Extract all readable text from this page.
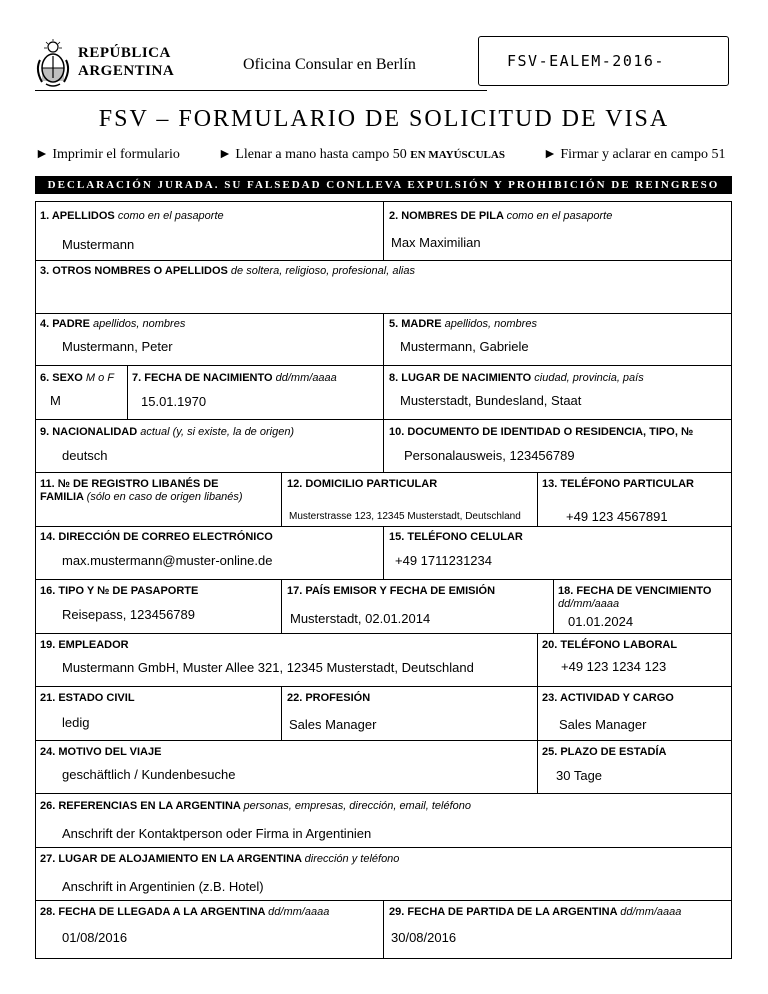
REPÚBLICA
ARGENTINA	Oficina Consular en Berlín	FSV-EALEM-2016-
FSV – FORMULARIO DE SOLICITUD DE VISA
► Imprimir el formulario	► Llenar a mano hasta campo 50 EN MAYÚSCULAS	► Firmar y aclarar en campo 51
DECLARACIÓN JURADA. SU FALSEDAD CONLLEVA EXPULSIÓN Y PROHIBICIÓN DE REINGRESO
1. APELLIDOS como en el pasaporte
Mustermann
2. NOMBRES DE PILA como en el pasaporte
Max Maximilian
3. OTROS NOMBRES O APELLIDOS de soltera, religioso, profesional, alias
4. PADRE apellidos, nombres
Mustermann, Peter
5. MADRE apellidos, nombres
Mustermann, Gabriele
6. SEXO M o F
M
7. FECHA DE NACIMIENTO dd/mm/aaaa
15.01.1970
8. LUGAR DE NACIMIENTO ciudad, provincia, país
Musterstadt, Bundesland, Staat
9. NACIONALIDAD actual (y, si existe, la de origen)
deutsch
10. DOCUMENTO DE IDENTIDAD O RESIDENCIA, TIPO, №
Personalausweis, 123456789
11. № DE REGISTRO LIBANÉS DE
FAMILIA (sólo en caso de origen libanés)
12. DOMICILIO PARTICULAR
Musterstrasse 123, 12345 Musterstadt, Deutschland
13. TELÉFONO PARTICULAR
+49 123 4567891
14. DIRECCIÓN DE CORREO ELECTRÓNICO
max.mustermann@muster-online.de
15. TELÉFONO CELULAR
+49 1711231234
16. TIPO Y № DE PASAPORTE
Reisepass, 123456789
17. PAÍS EMISOR Y FECHA DE EMISIÓN
Musterstadt, 02.01.2014
18. FECHA DE VENCIMIENTO
dd/mm/aaaa
01.01.2024
19. EMPLEADOR
Mustermann GmbH, Muster Allee 321, 12345 Musterstadt, Deutschland
20. TELÉFONO LABORAL
+49 123 1234 123
21. ESTADO CIVIL
ledig
22. PROFESIÓN
Sales Manager
23. ACTIVIDAD Y CARGO
Sales Manager
24. MOTIVO DEL VIAJE
geschäftlich / Kundenbesuche
25. PLAZO DE ESTADÍA
30 Tage
26. REFERENCIAS EN LA ARGENTINA personas, empresas, dirección, email, teléfono
Anschrift der Kontaktperson oder Firma in Argentinien
27. LUGAR DE ALOJAMIENTO EN LA ARGENTINA dirección y teléfono
Anschrift in Argentinien (z.B. Hotel)
28. FECHA DE LLEGADA A LA ARGENTINA dd/mm/aaaa
01/08/2016
29. FECHA DE PARTIDA DE LA ARGENTINA dd/mm/aaaa
30/08/2016
